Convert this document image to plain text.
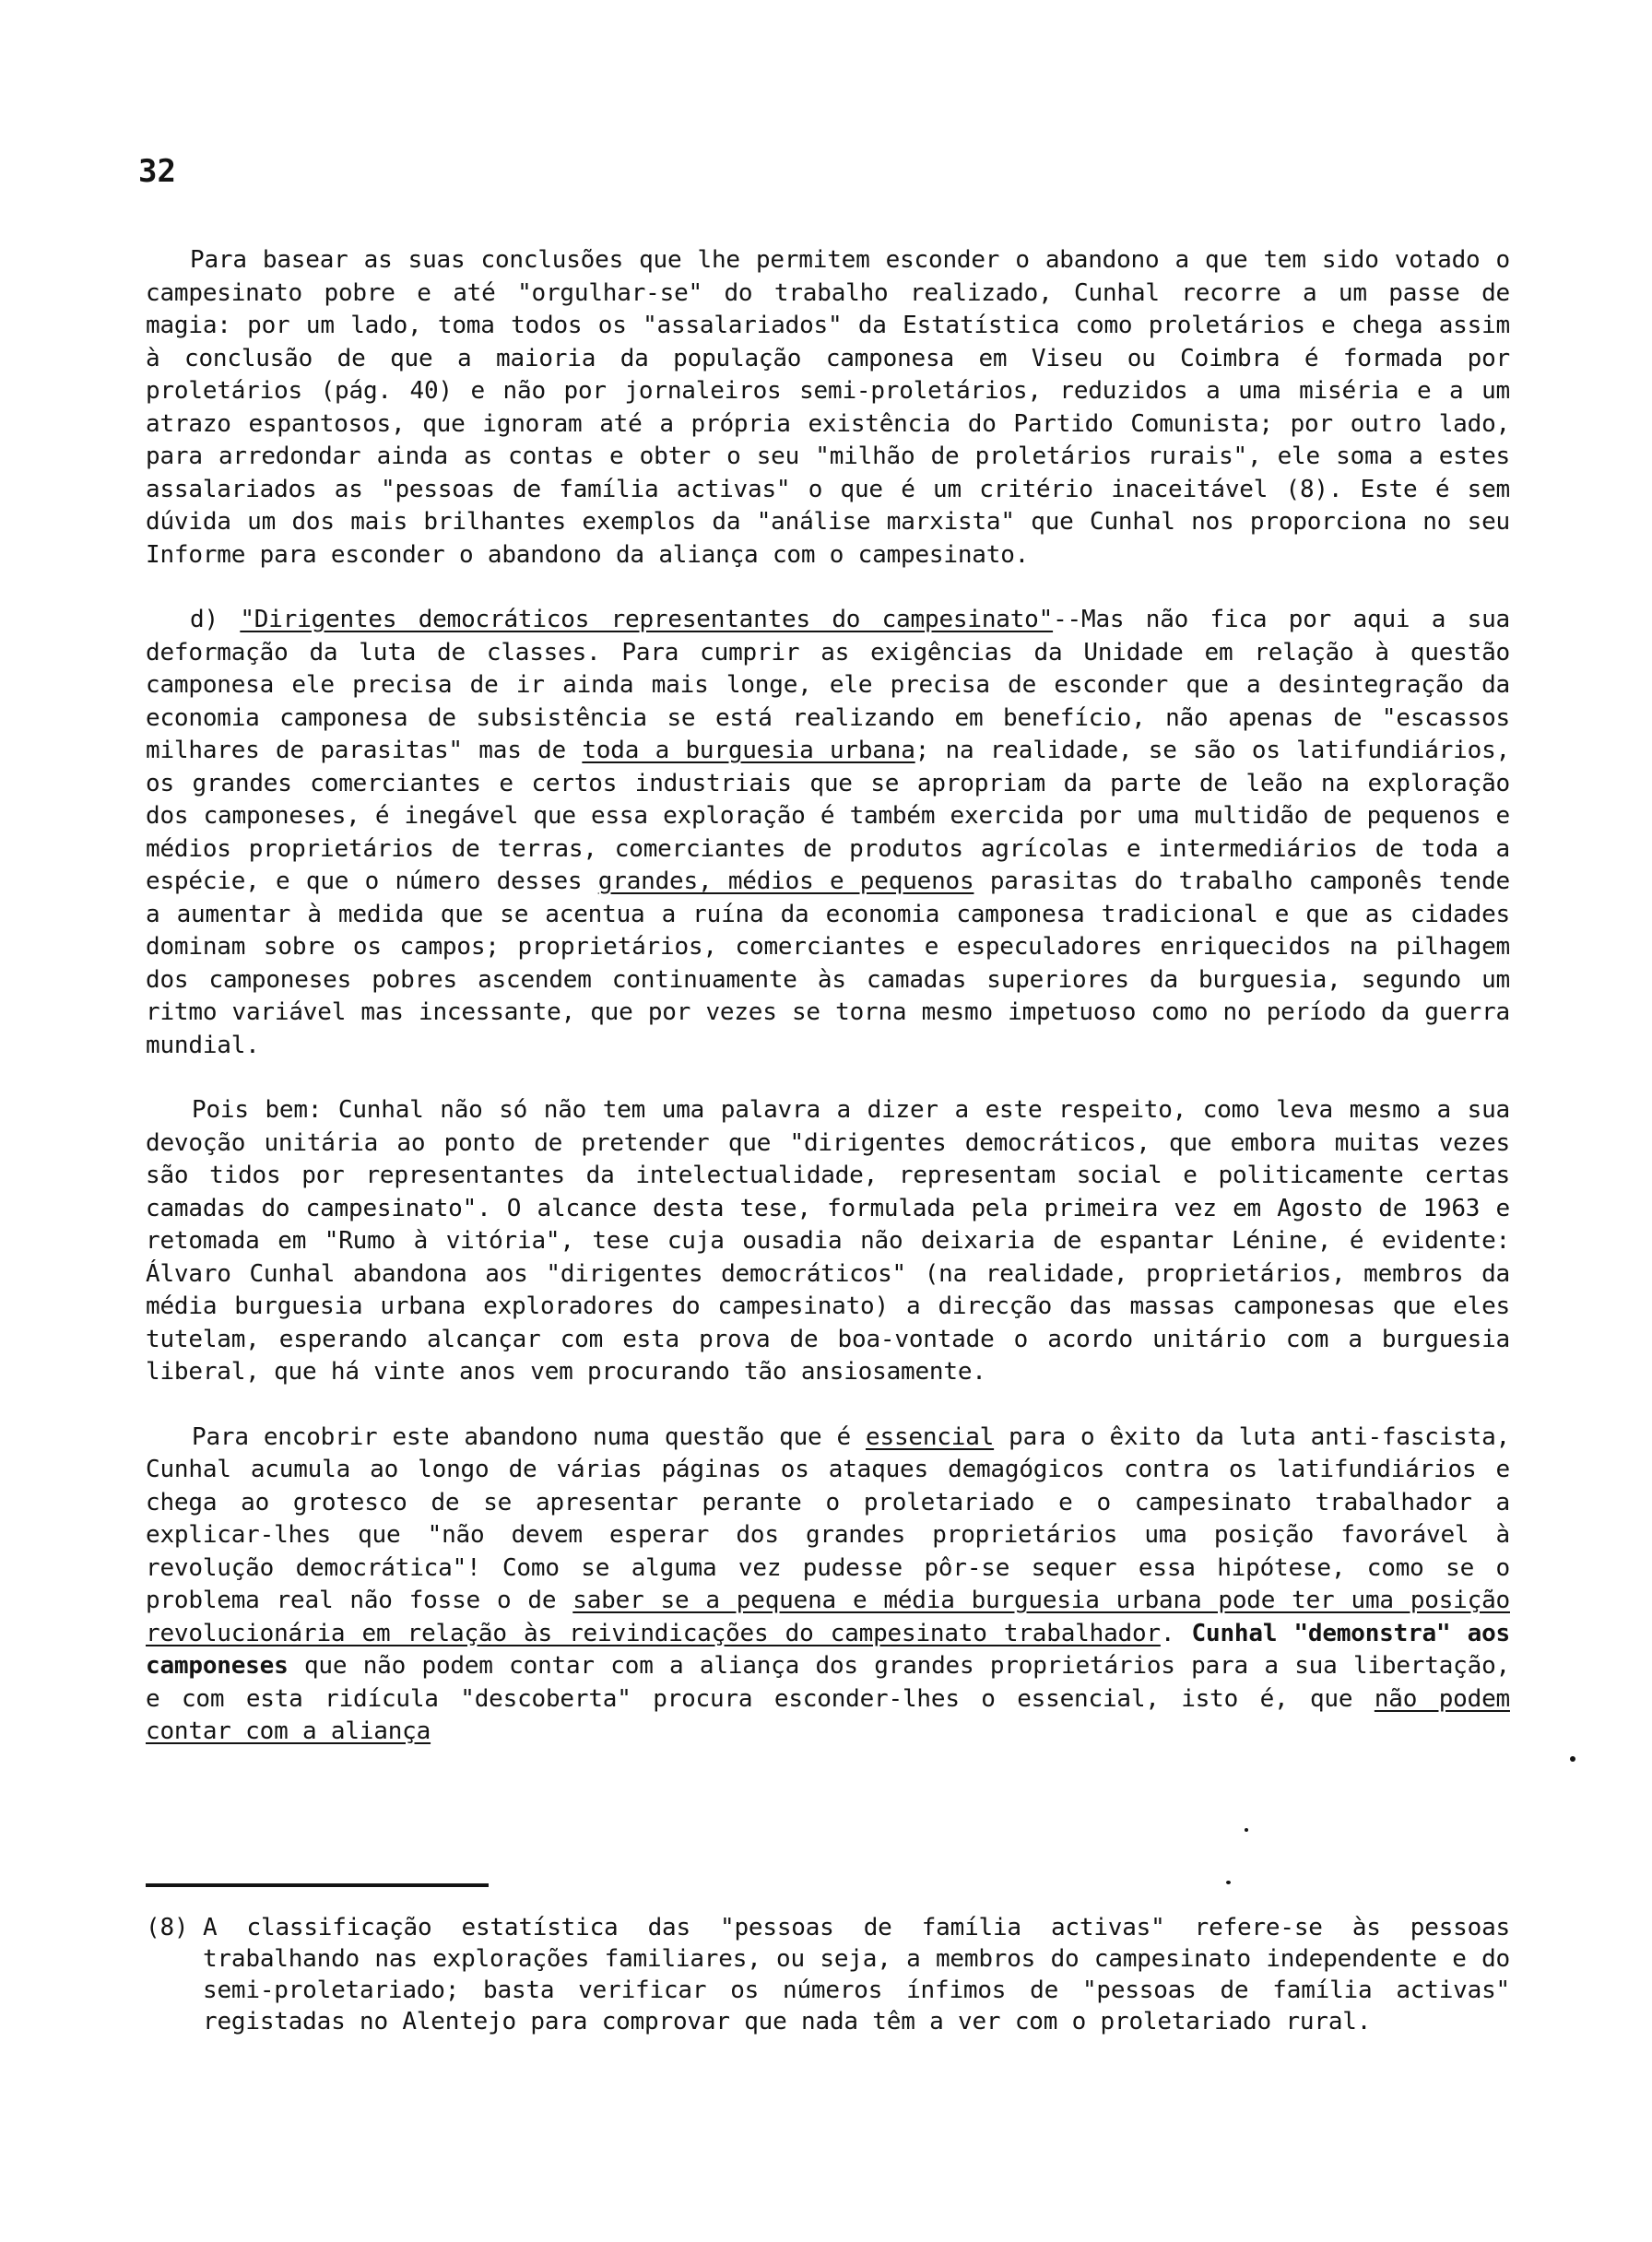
32

Para basear as suas conclusões que lhe permitem esconder o abandono a que tem sido votado o campesinato pobre e até "orgulhar-se" do trabalho realizado, Cunhal recorre a um passe de magia: por um lado, toma todos os "assalariados" da Estatística como proletários e chega assim à conclusão de que a maioria da população camponesa em Viseu ou Coimbra é formada por proletários (pág. 40) e não por jornaleiros semi-proletários, reduzidos a uma miséria e a um atrazo espantosos, que ignoram até a própria existência do Partido Comunista; por outro lado, para arredondar ainda as contas e obter o seu "milhão de proletários rurais", ele soma a estes assalariados as "pessoas de família activas" o que é um critério inaceitável (8). Este é sem dúvida um dos mais brilhantes exemplos da "análise marxista" que Cunhal nos proporciona no seu Informe para esconder o abandono da aliança com o campesinato.

d) "Dirigentes democráticos representantes do campesinato"--Mas não fica por aqui a sua deformação da luta de classes. Para cumprir as exigências da Unidade em relação à questão camponesa ele precisa de ir ainda mais longe, ele precisa de esconder que a desintegração da economia camponesa de subsistência se está realizando em benefício, não apenas de "escassos milhares de parasitas" mas de toda a burguesia urbana; na realidade, se são os latifundiários, os grandes comerciantes e certos industriais que se apropriam da parte de leão na exploração dos camponeses, é inegável que essa exploração é também exercida por uma multidão de pequenos e médios proprietários de terras, comerciantes de produtos agrícolas e intermediários de toda a espécie, e que o número desses grandes, médios e pequenos parasitas do trabalho camponês tende a aumentar à medida que se acentua a ruína da economia camponesa tradicional e que as cidades dominam sobre os campos; proprietários, comerciantes e especuladores enriquecidos na pilhagem dos camponeses pobres ascendem continuamente às camadas superiores da burguesia, segundo um ritmo variável mas incessante, que por vezes se torna mesmo impetuoso como no período da guerra mundial.

Pois bem: Cunhal não só não tem uma palavra a dizer a este respeito, como leva mesmo a sua devoção unitária ao ponto de pretender que "dirigentes democráticos, que embora muitas vezes são tidos por representantes da intelectualidade, representam social e politicamente certas camadas do campesinato". O alcance desta tese, formulada pela primeira vez em Agosto de 1963 e retomada em "Rumo à vitória", tese cuja ousadia não deixaria de espantar Lénine, é evidente: Álvaro Cunhal abandona aos "dirigentes democráticos" (na realidade, proprietários, membros da média burguesia urbana exploradores do campesinato) a direcção das massas camponesas que eles tutelam, esperando alcançar com esta prova de boa-vontade o acordo unitário com a burguesia liberal, que há vinte anos vem procurando tão ansiosamente.

Para encobrir este abandono numa questão que é essencial para o êxito da luta anti-fascista, Cunhal acumula ao longo de várias páginas os ataques demagógicos contra os latifundiários e chega ao grotesco de se apresentar perante o proletariado e o campesinato trabalhador a explicar-lhes que "não devem esperar dos grandes proprietários uma posição favorável à revolução democrática"! Como se alguma vez pudesse pôr-se sequer essa hipótese, como se o problema real não fosse o de saber se a pequena e média burguesia urbana pode ter uma posição revolucionária em relação às reivindicações do campesinato trabalhador. Cunhal "demonstra" aos camponeses que não podem contar com a aliança dos grandes proprietários para a sua libertação, e com esta ridícula "descoberta" procura esconder-lhes o essencial, isto é, que não podem contar com a aliança

(8) A classificação estatística das "pessoas de família activas" refere-se às pessoas trabalhando nas explorações familiares, ou seja, a membros do campesinato independente e do semi-proletariado; basta verificar os números ínfimos de "pessoas de família activas" registadas no Alentejo para comprovar que nada têm a ver com o proletariado rural.
